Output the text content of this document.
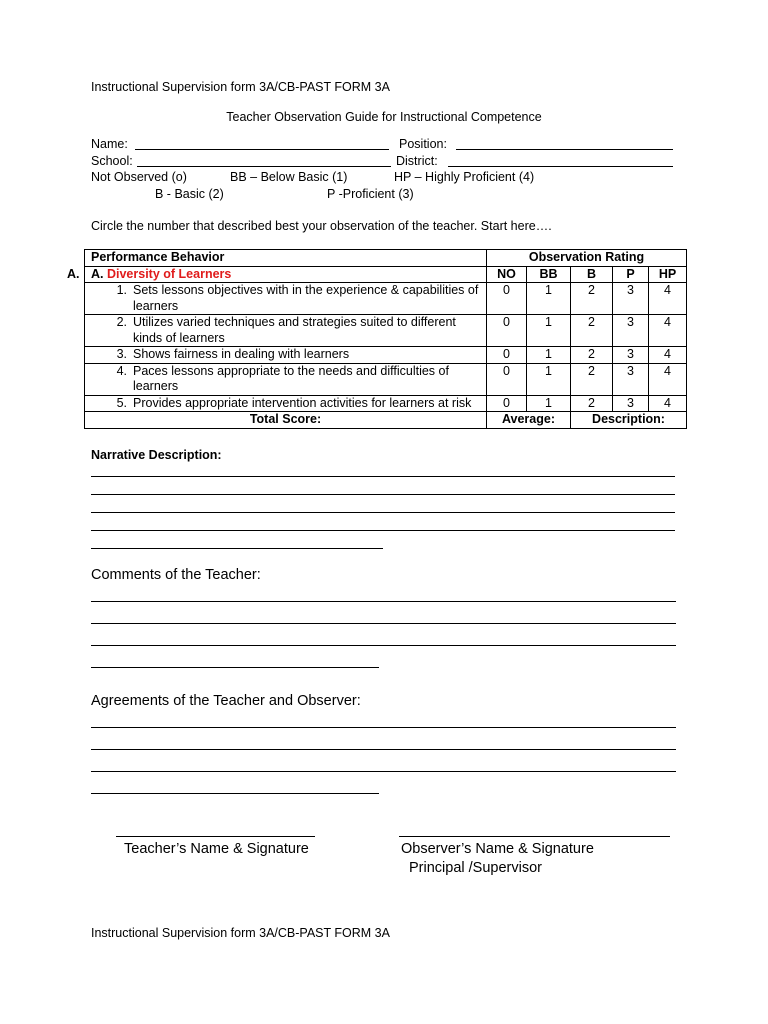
Instructional Supervision form 3A/CB-PAST FORM 3A
Teacher Observation Guide for Instructional Competence
Name:	Position:
School:	District:
Not Observed (o)	BB – Below Basic (1)	HP – Highly Proficient (4)
B - Basic (2)	P -Proficient (3)
Circle the number that described best your observation of the teacher. Start here….
A.
Performance Behavior	Observation Rating				
A. Diversity of Learners	NO	BB	B	P	HP

1. Sets lessons objectives with in the experience & capabilities of learners	0	1	2	3	4

2. Utilizes varied techniques and strategies suited to different kinds of learners	0	1	2	3	4

3. Shows fairness in dealing with learners	0	1	2	3	4

4. Paces lessons appropriate to the needs and difficulties of learners	0	1	2	3	4

5. Provides appropriate intervention activities for learners at risk	0	1	2	3	4
Total Score:	Average:		Description:		
Narrative Description:
Comments of the Teacher:
Agreements of the Teacher and Observer:
Teacher’s Name & Signature	Observer’s Name & Signature
Principal /Supervisor
Instructional Supervision form 3A/CB-PAST FORM 3A
